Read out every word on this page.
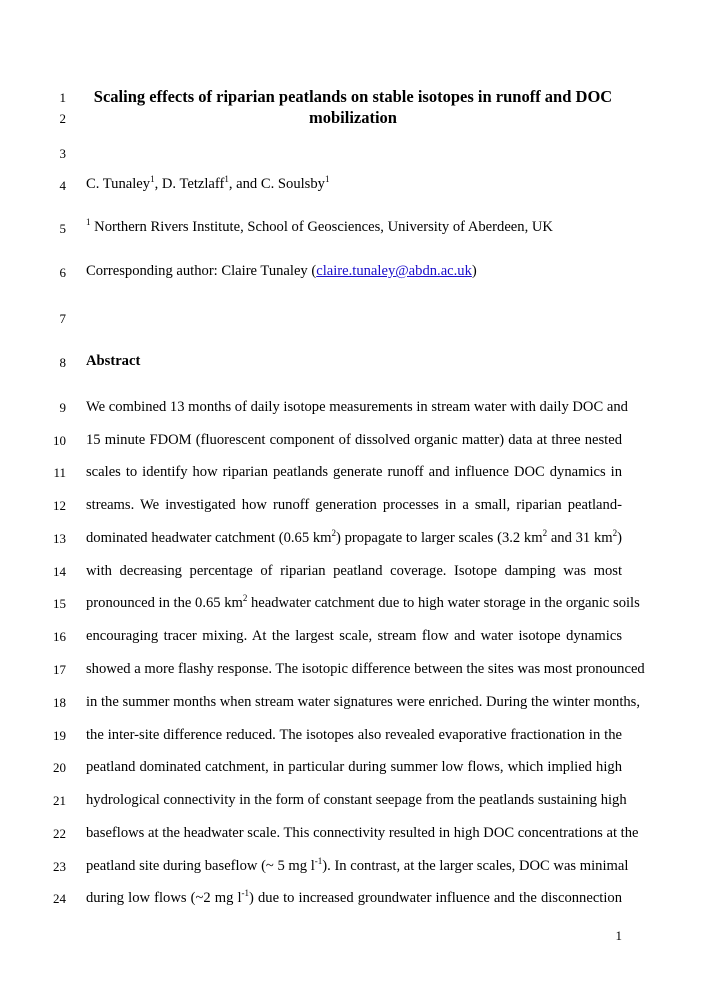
1
2
3
4
5
6
7
8
9
10
11
12
13
14
15
16
17
18
19
20
21
22
23
24
Scaling effects of riparian peatlands on stable isotopes in runoff and DOC
mobilization
C. Tunaley$^1$, D. Tetzlaff$^1$, and C. Soulsby$^1$
$^1$ Northern Rivers Institute, School of Geosciences, University of Aberdeen, UK
Corresponding author: Claire Tunaley (claire.tunaley@abdn.ac.uk)
Abstract
We combined 13 months of daily isotope measurements in stream water with daily DOC and
15 minute FDOM (fluorescent component of dissolved organic matter) data at three nested
scales to identify how riparian peatlands generate runoff and influence DOC dynamics in
streams. We investigated how runoff generation processes in a small, riparian peatland-
dominated headwater catchment (0.65 $km^2$) propagate to larger scales (3.2 $km^2$ and 31 $km^2$)
with decreasing percentage of riparian peatland coverage. Isotope damping was most
pronounced in the 0.65 $km^2$ headwater catchment due to high water storage in the organic soils
encouraging tracer mixing. At the largest scale, stream flow and water isotope dynamics
showed a more flashy response. The isotopic difference between the sites was most pronounced
in the summer months when stream water signatures were enriched. During the winter months,
the inter-site difference reduced. The isotopes also revealed evaporative fractionation in the
peatland dominated catchment, in particular during summer low flows, which implied high
hydrological connectivity in the form of constant seepage from the peatlands sustaining high
baseflows at the headwater scale. This connectivity resulted in high DOC concentrations at the
peatland site during baseflow (~ 5 mg $l^{-1}$). In contrast, at the larger scales, DOC was minimal
during low flows (~2 mg $l^{-1}$) due to increased groundwater influence and the disconnection
1
